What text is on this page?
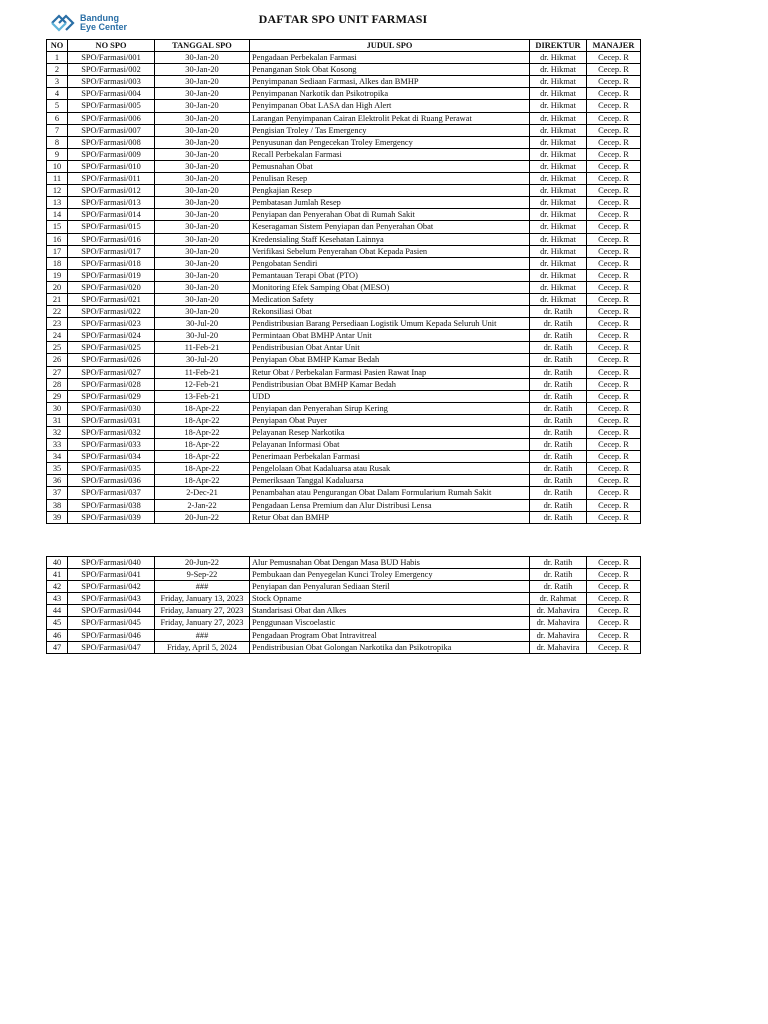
Bandung
Eye Center
DAFTAR SPO UNIT FARMASI
NO	NO SPO	TANGGAL SPO	JUDUL SPO	DIREKTUR	MANAJER
1	SPO/Farmasi/001	30-Jan-20	Pengadaan Perbekalan Farmasi	dr. Hikmat	Cecep. R
2	SPO/Farmasi/002	30-Jan-20	Penanganan Stok Obat Kosong	dr. Hikmat	Cecep. R
3	SPO/Farmasi/003	30-Jan-20	Penyimpanan Sediaan Farmasi, Alkes dan BMHP	dr. Hikmat	Cecep. R
4	SPO/Farmasi/004	30-Jan-20	Penyimpanan Narkotik dan Psikotropika	dr. Hikmat	Cecep. R
5	SPO/Farmasi/005	30-Jan-20	Penyimpanan Obat LASA dan High Alert	dr. Hikmat	Cecep. R
6	SPO/Farmasi/006	30-Jan-20	Larangan Penyimpanan Cairan Elektrolit Pekat di Ruang Perawat	dr. Hikmat	Cecep. R
7	SPO/Farmasi/007	30-Jan-20	Pengisian Troley / Tas Emergency	dr. Hikmat	Cecep. R
8	SPO/Farmasi/008	30-Jan-20	Penyusunan dan Pengecekan Troley Emergency	dr. Hikmat	Cecep. R
9	SPO/Farmasi/009	30-Jan-20	Recall Perbekalan Farmasi	dr. Hikmat	Cecep. R
10	SPO/Farmasi/010	30-Jan-20	Pemusnahan Obat	dr. Hikmat	Cecep. R
11	SPO/Farmasi/011	30-Jan-20	Penulisan Resep	dr. Hikmat	Cecep. R
12	SPO/Farmasi/012	30-Jan-20	Pengkajian Resep	dr. Hikmat	Cecep. R
13	SPO/Farmasi/013	30-Jan-20	Pembatasan Jumlah Resep	dr. Hikmat	Cecep. R
14	SPO/Farmasi/014	30-Jan-20	Penyiapan dan Penyerahan Obat di Rumah Sakit	dr. Hikmat	Cecep. R
15	SPO/Farmasi/015	30-Jan-20	Keseragaman Sistem Penyiapan dan Penyerahan Obat	dr. Hikmat	Cecep. R
16	SPO/Farmasi/016	30-Jan-20	Kredensialing Staff Kesehatan Lainnya	dr. Hikmat	Cecep. R
17	SPO/Farmasi/017	30-Jan-20	Verifikasi Sebelum Penyerahan Obat Kepada Pasien	dr. Hikmat	Cecep. R
18	SPO/Farmasi/018	30-Jan-20	Pengobatan Sendiri	dr. Hikmat	Cecep. R
19	SPO/Farmasi/019	30-Jan-20	Pemantauan Terapi Obat (PTO)	dr. Hikmat	Cecep. R
20	SPO/Farmasi/020	30-Jan-20	Monitoring Efek Samping Obat (MESO)	dr. Hikmat	Cecep. R
21	SPO/Farmasi/021	30-Jan-20	Medication Safety	dr. Hikmat	Cecep. R
22	SPO/Farmasi/022	30-Jan-20	Rekonsiliasi Obat	dr. Ratih	Cecep. R
23	SPO/Farmasi/023	30-Jul-20	Pendistribusian Barang Persediaan Logistik Umum Kepada Seluruh Unit	dr. Ratih	Cecep. R
24	SPO/Farmasi/024	30-Jul-20	Permintaan Obat BMHP Antar Unit	dr. Ratih	Cecep. R
25	SPO/Farmasi/025	11-Feb-21	Pendistribusian Obat Antar Unit	dr. Ratih	Cecep. R
26	SPO/Farmasi/026	30-Jul-20	Penyiapan Obat BMHP Kamar Bedah	dr. Ratih	Cecep. R
27	SPO/Farmasi/027	11-Feb-21	Retur Obat / Perbekalan Farmasi Pasien Rawat Inap	dr. Ratih	Cecep. R
28	SPO/Farmasi/028	12-Feb-21	Pendistribusian Obat BMHP Kamar Bedah	dr. Ratih	Cecep. R
29	SPO/Farmasi/029	13-Feb-21	UDD	dr. Ratih	Cecep. R
30	SPO/Farmasi/030	18-Apr-22	Penyiapan dan Penyerahan Sirup Kering	dr. Ratih	Cecep. R
31	SPO/Farmasi/031	18-Apr-22	Penyiapan Obat Puyer	dr. Ratih	Cecep. R
32	SPO/Farmasi/032	18-Apr-22	Pelayanan Resep Narkotika	dr. Ratih	Cecep. R
33	SPO/Farmasi/033	18-Apr-22	Pelayanan Informasi Obat	dr. Ratih	Cecep. R
34	SPO/Farmasi/034	18-Apr-22	Penerimaan Perbekalan Farmasi	dr. Ratih	Cecep. R
35	SPO/Farmasi/035	18-Apr-22	Pengelolaan Obat Kadaluarsa atau Rusak	dr. Ratih	Cecep. R
36	SPO/Farmasi/036	18-Apr-22	Pemeriksaan Tanggal Kadaluarsa	dr. Ratih	Cecep. R
37	SPO/Farmasi/037	2-Dec-21	Penambahan atau Pengurangan Obat Dalam Formularium Rumah Sakit	dr. Ratih	Cecep. R
38	SPO/Farmasi/038	2-Jan-22	Pengadaan Lensa Premium dan Alur Distribusi Lensa	dr. Ratih	Cecep. R
39	SPO/Farmasi/039	20-Jun-22	Retur Obat dan BMHP	dr. Ratih	Cecep. R
40	SPO/Farmasi/040	20-Jun-22	Alur Pemusnahan Obat Dengan Masa BUD Habis	dr. Ratih	Cecep. R
41	SPO/Farmasi/041	9-Sep-22	Pembukaan dan Penyegelan Kunci Troley Emergency	dr. Ratih	Cecep. R
42	SPO/Farmasi/042	###	Penyiapan dan Penyaluran Sediaan Steril	dr. Ratih	Cecep. R
43	SPO/Farmasi/043	Friday, January 13, 2023	Stock Opname	dr. Rahmat	Cecep. R
44	SPO/Farmasi/044	Friday, January 27, 2023	Standarisasi Obat dan Alkes	dr. Mahavira	Cecep. R
45	SPO/Farmasi/045	Friday, January 27, 2023	Penggunaan Viscoelastic	dr. Mahavira	Cecep. R
46	SPO/Farmasi/046	###	Pengadaan Program Obat Intravitreal	dr. Mahavira	Cecep. R
47	SPO/Farmasi/047	Friday, April 5, 2024	Pendistribusian Obat Golongan Narkotika dan Psikotropika	dr. Mahavira	Cecep. R
